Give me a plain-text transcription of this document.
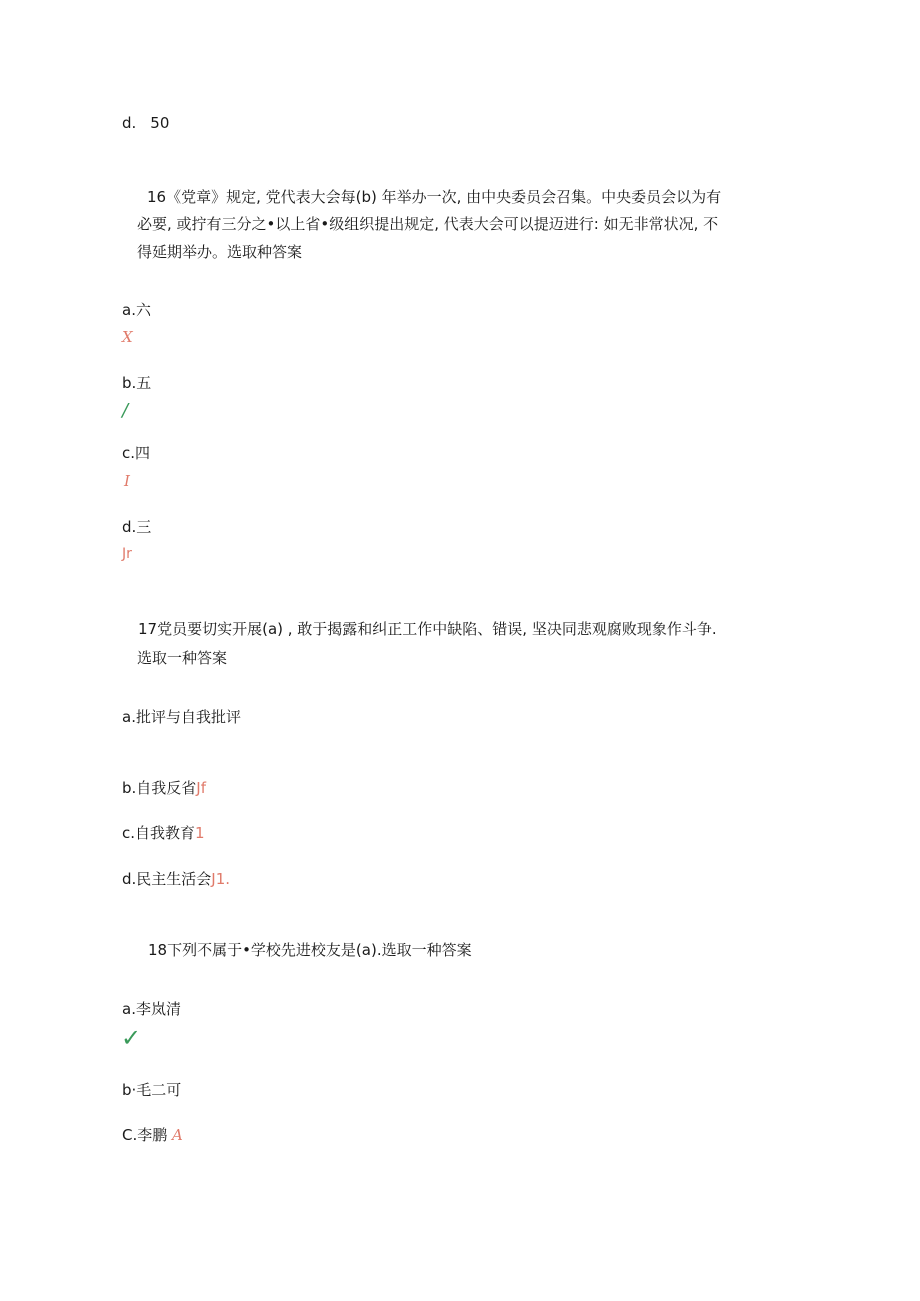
d. 50
16《党章》规定, 党代表大会每(b) 年举办一次, 由中央委员会召集。中央委员会以为有
必要, 或拧有三分之•以上省•级组织提出规定, 代表大会可以提迈进行: 如无非常状况, 不
得延期举办。选取种答案
a.六
X
b.五
/
c.四
I
d.三
Jr
17党员要切实开展(a) , 敢于揭露和纠正工作中缺陷、错误, 坚决同悲观腐败现象作斗争.
选取一种答案
a.批评与自我批评
b.自我反省Jf
c.自我教育1
d.民主生活会J1.
18下列不属于•学校先进校友是(a).选取一种答案
a.李岚清
✓
b·毛二可
C.李鹏 A
